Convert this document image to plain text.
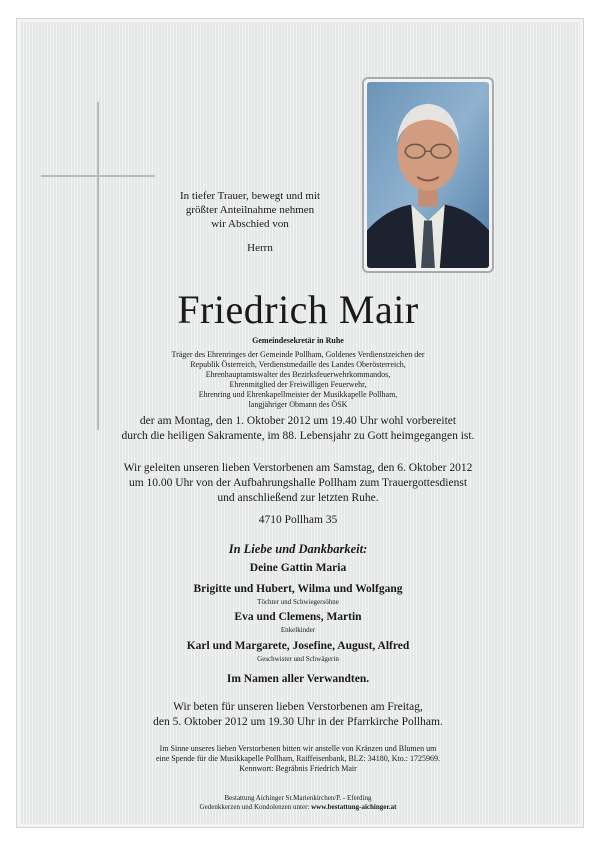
In tiefer Trauer, bewegt und mit
größter Anteilnahme nehmen
wir Abschied von
Herrn
Friedrich Mair
Gemeindesekretär in Ruhe
Träger des Ehrenringes der Gemeinde Pollham, Goldenes Verdienstzeichen der
Republik Österreich, Verdienstmedaille des Landes Oberösterreich,
Ehrenhauptamtswalter des Bezirksfeuerwehrkommandos,
Ehrenmitglied der Freiwilligen Feuerwehr,
Ehrenring und Ehrenkapellmeister der Musikkapelle Pollham,
langjähriger Obmann des ÖSK
der am Montag, den 1. Oktober 2012 um 19.40 Uhr wohl vorbereitet
durch die heiligen Sakramente, im 88. Lebensjahr zu Gott heimgegangen ist.
Wir geleiten unseren lieben Verstorbenen am Samstag, den 6. Oktober 2012
um 10.00 Uhr von der Aufbahrungshalle Pollham zum Trauergottesdienst
und anschließend zur letzten Ruhe.
4710 Pollham 35
In Liebe und Dankbarkeit:
Deine Gattin Maria
Brigitte und Hubert, Wilma und Wolfgang
Töchter und Schwiegersöhne
Eva und Clemens, Martin
Enkelkinder
Karl und Margarete, Josefine, August, Alfred
Geschwister und Schwägerin
Im Namen aller Verwandten.
Wir beten für unseren lieben Verstorbenen am Freitag,
den 5. Oktober 2012 um 19.30 Uhr in der Pfarrkirche Pollham.
Im Sinne unseres lieben Verstorbenen bitten wir anstelle von Kränzen und Blumen um
eine Spende für die Musikkapelle Pollham, Raiffeisenbank, BLZ: 34180, Kto.: 1725969.
Kennwort: Begräbnis Friedrich Mair
Bestattung Aichinger St.Marienkirchen/P. - Eferding
Gedenkkerzen und Kondolenzen unter: www.bestattung-aichinger.at
